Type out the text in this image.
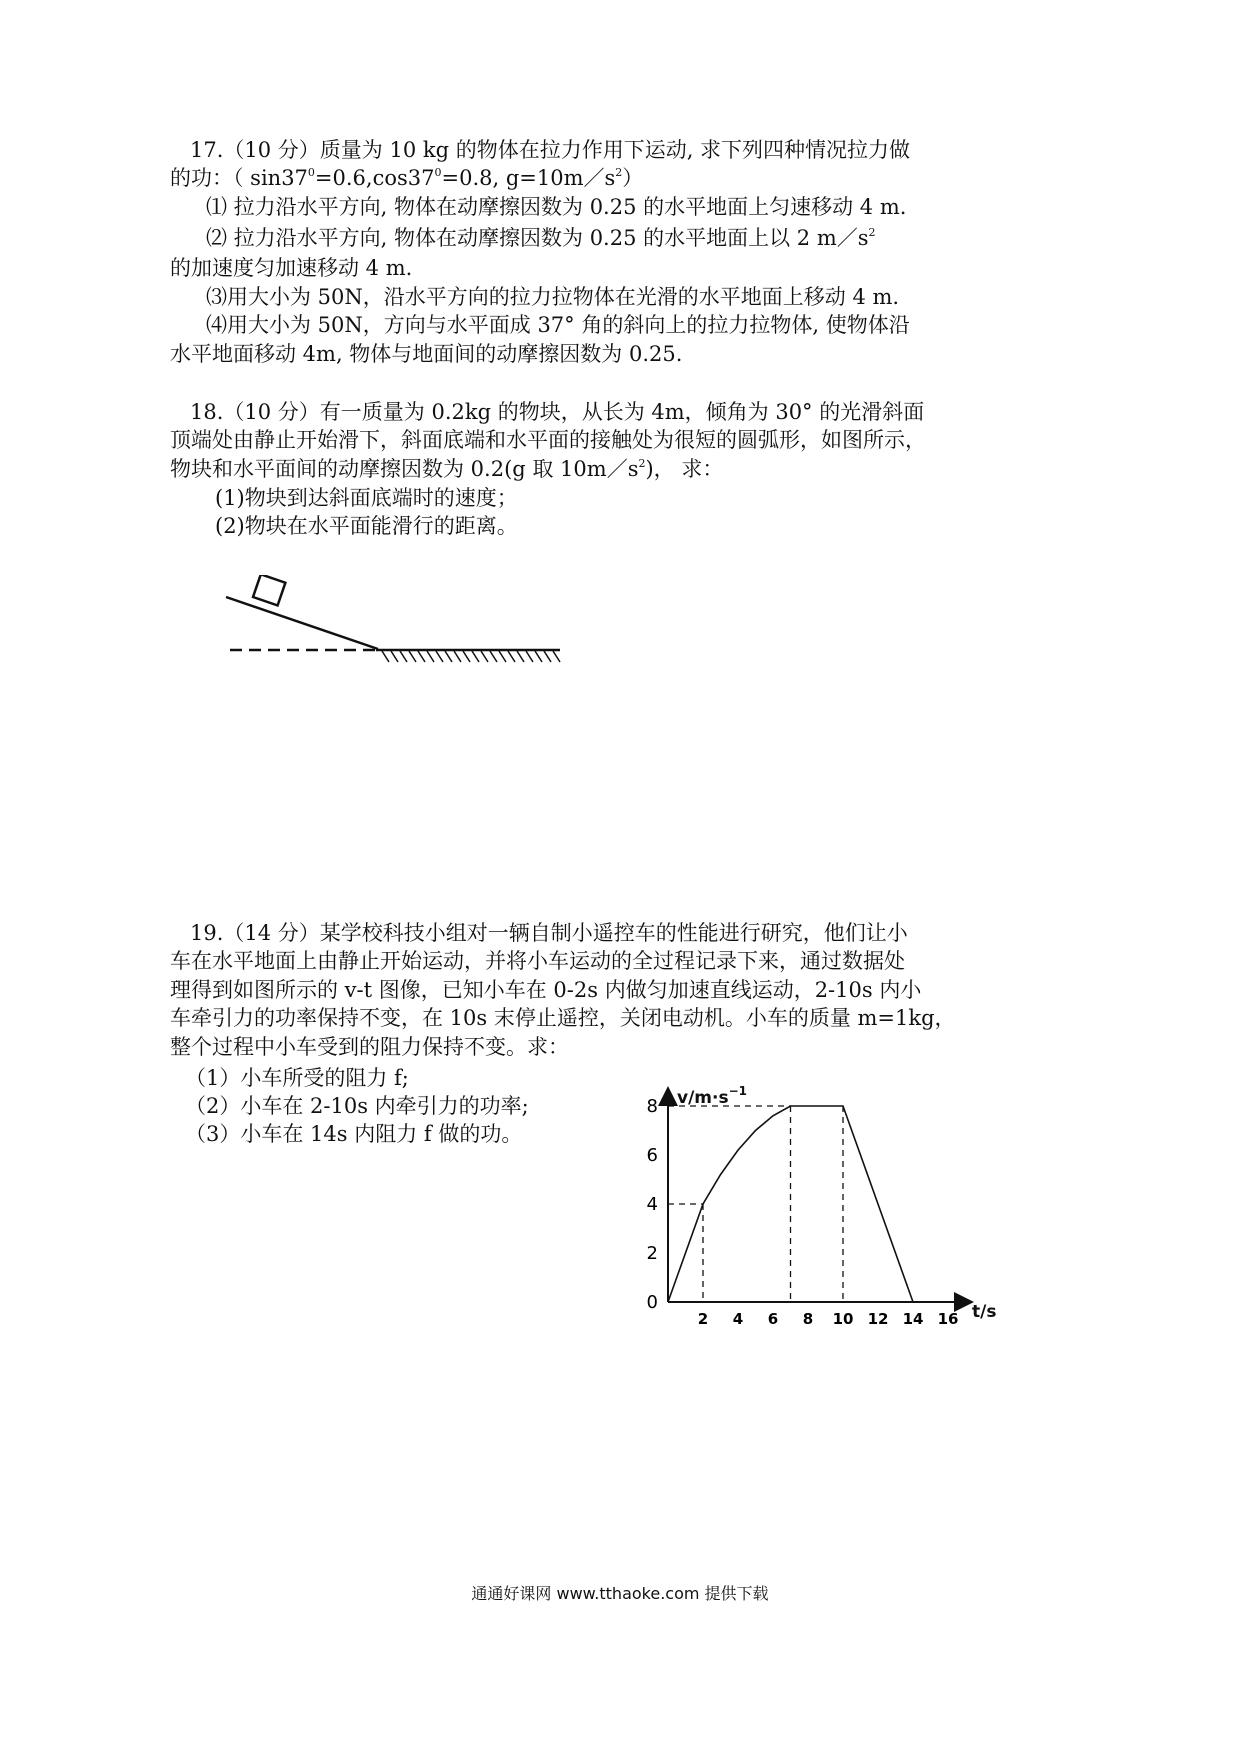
17.（10 分）质量为 10 kg 的物体在拉力作用下运动, 求下列四种情况拉力做
的功：（ $\sin 37^0=0.6,\cos 37^0=0.8$, $g=10m/s^2$）
⑴ 拉力沿水平方向, 物体在动摩擦因数为 0.25 的水平地面上匀速移动 4 m.
⑵ 拉力沿水平方向, 物体在动摩擦因数为 0.25 的水平地面上以 2 $m/s^2$
的加速度匀加速移动 4 m.
⑶用大小为 50N，沿水平方向的拉力拉物体在光滑的水平地面上移动 4 m.
⑷用大小为 50N，方向与水平面成 37° 角的斜向上的拉力拉物体, 使物体沿
水平地面移动 4m, 物体与地面间的动摩擦因数为 0.25.
18.（10 分）有一质量为 0.2kg 的物块，从长为 4m，倾角为 30° 的光滑斜面
顶端处由静止开始滑下，斜面底端和水平面的接触处为很短的圆弧形，如图所示，
物块和水平面间的动摩擦因数为 0.2(g 取 $10m/s^2$)， 求：
(1)物块到达斜面底端时的速度；
(2)物块在水平面能滑行的距离。
19.（14 分）某学校科技小组对一辆自制小遥控车的性能进行研究，他们让小
车在水平地面上由静止开始运动，并将小车运动的全过程记录下来，通过数据处
理得到如图所示的 v-t 图像，已知小车在 0-2s 内做匀加速直线运动，2-10s 内小
车牵引力的功率保持不变，在 10s 末停止遥控，关闭电动机。小车的质量 m=1kg，
整个过程中小车受到的阻力保持不变。求：
（1）小车所受的阻力 f;
（2）小车在 2-10s 内牵引力的功率;
（3）小车在 14s 内阻力 f 做的功。
$v/m\cdot s^{-1}$
t/s
2 4 6 8 10 12 14 16
0
2
4
6
8
通通好课网 www.tthaoke.com 提供下载
